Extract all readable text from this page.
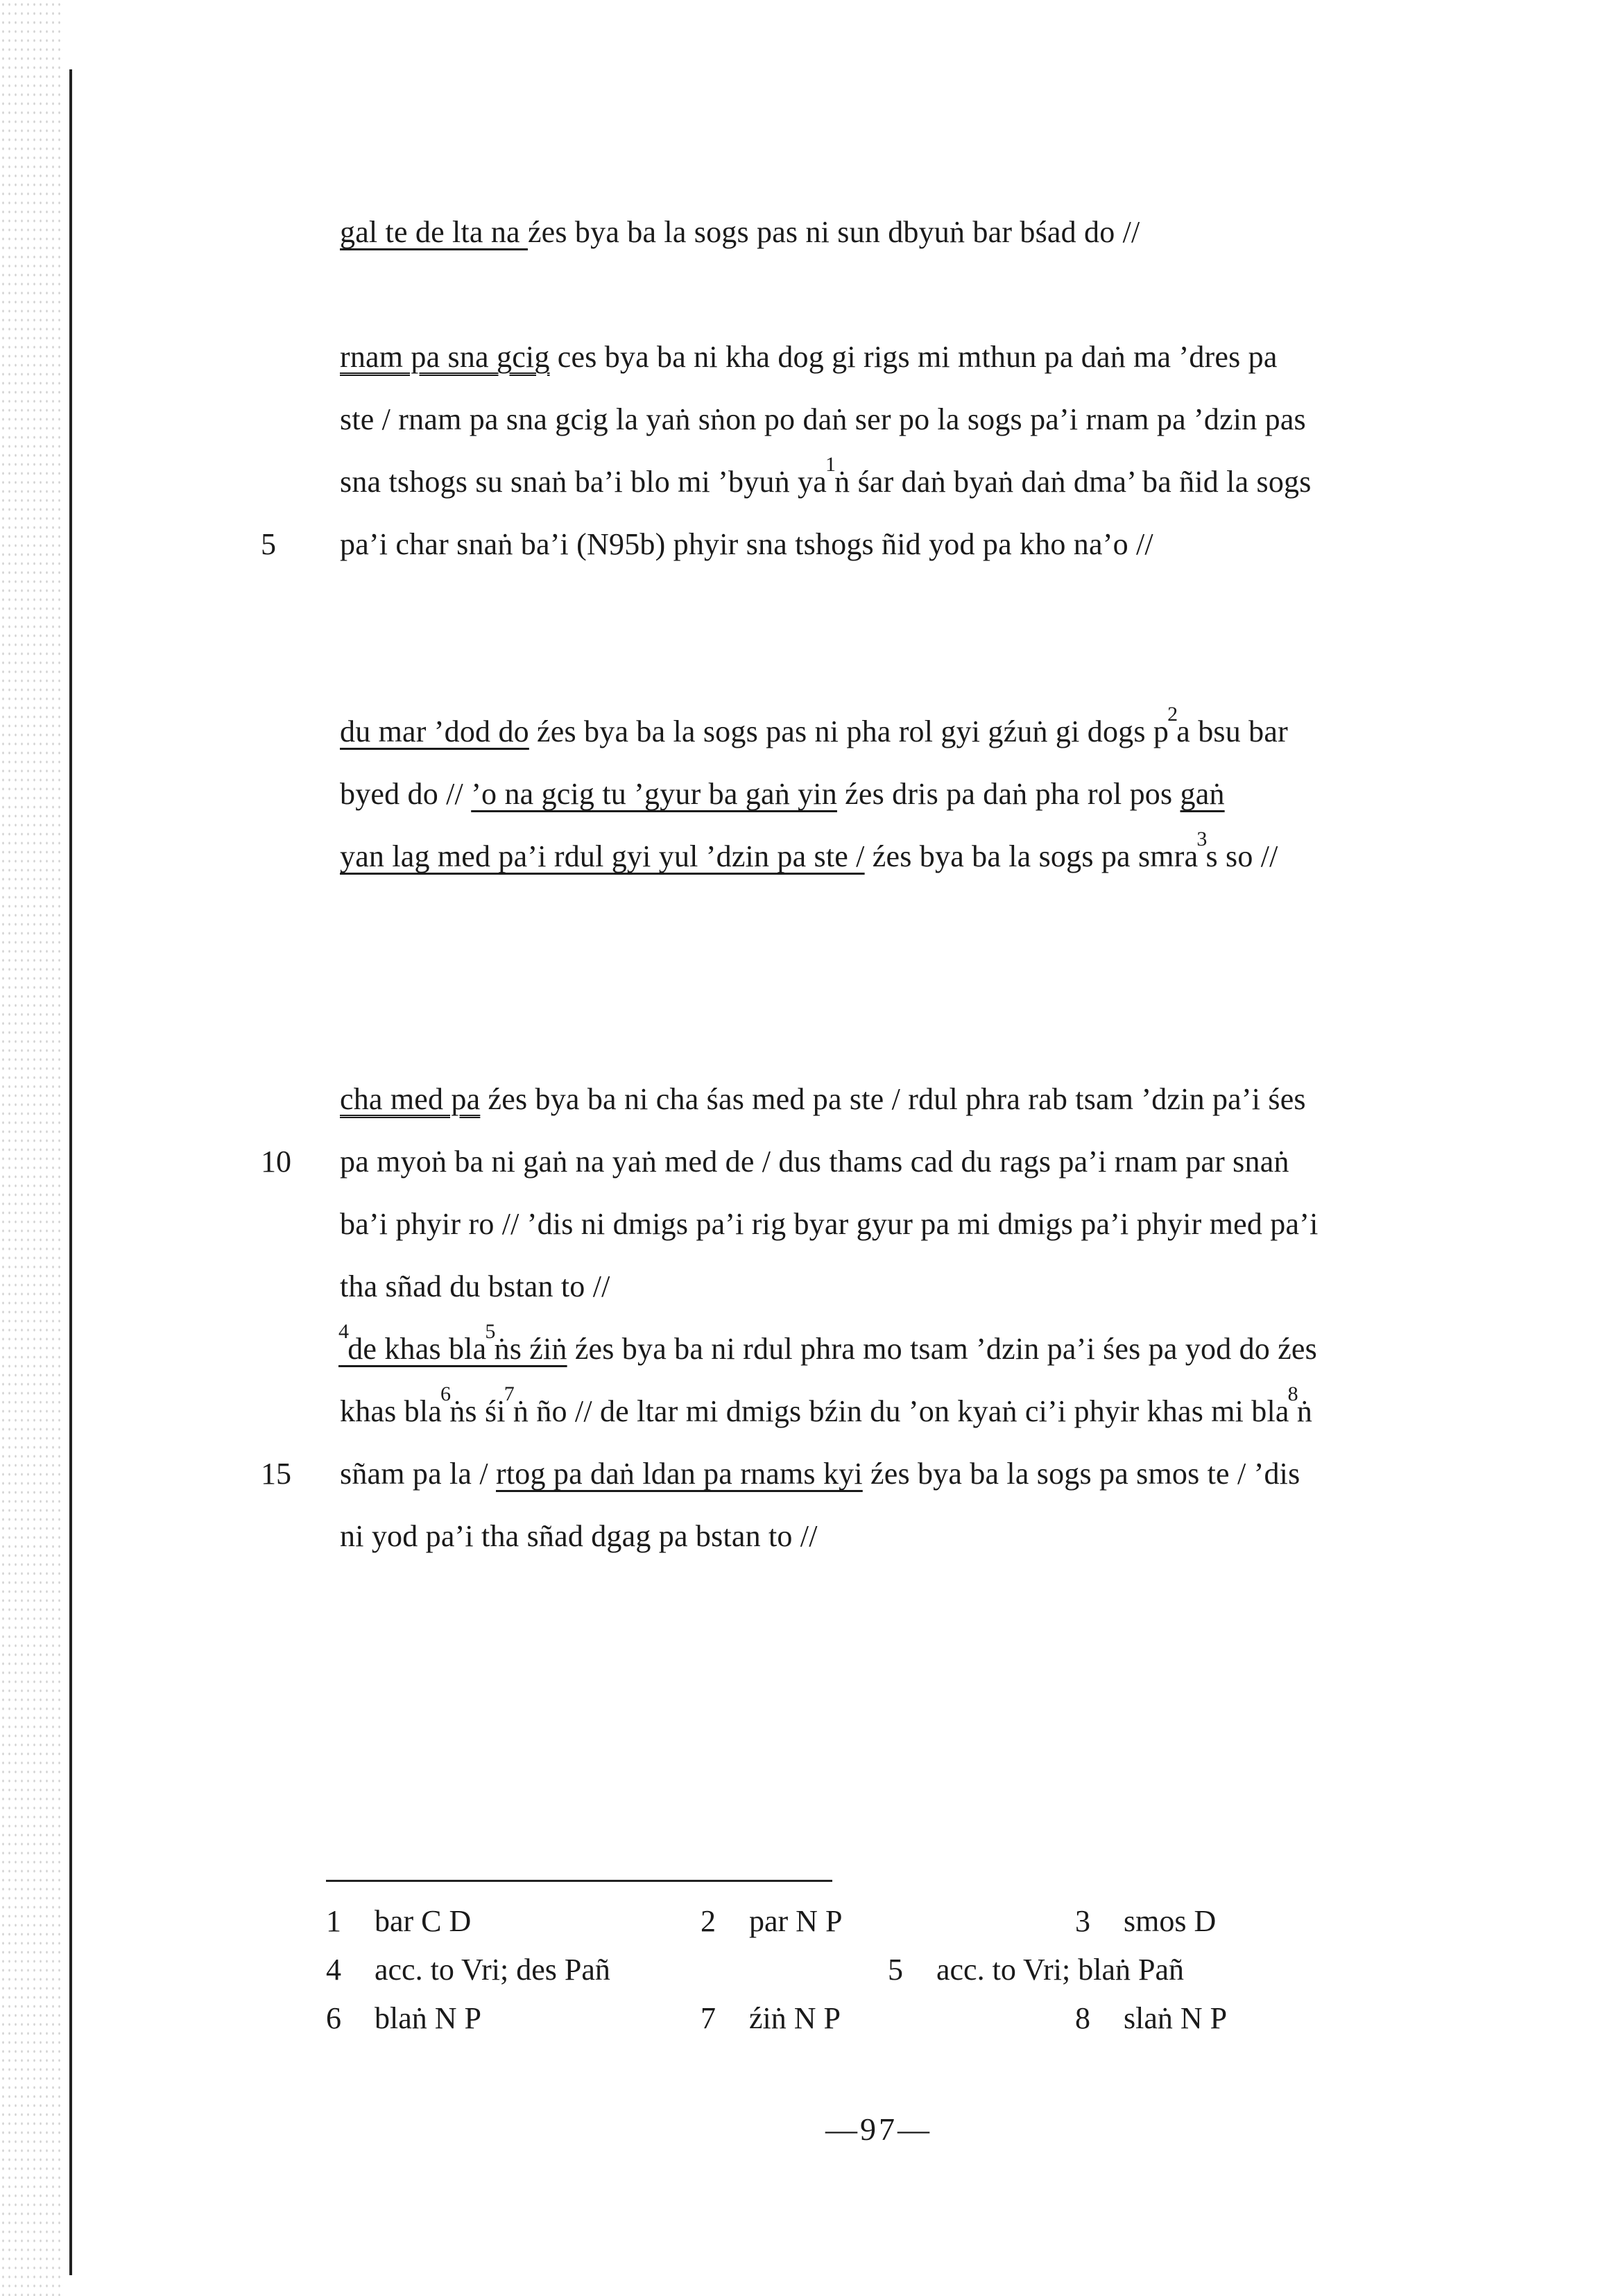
gal te de lta na źes bya ba la sogs pas ni sun dbyuṅ bar bśad do //
rnam pa sna gcig ces bya ba ni kha dog gi rigs mi mthun pa daṅ ma ’dres pa
ste / rnam pa sna gcig la yaṅ sṅon po daṅ ser po la sogs pa’i rnam pa ’dzin pas
sna tshogs su snaṅ ba’i blo mi ’byuṅ $ya^1ṅ$ śar daṅ byaṅ daṅ dma’ ba ñid la sogs
5 pa’i char snaṅ ba’i (N95b) phyir sna tshogs ñid yod pa kho na’o //
du mar ’dod do źes bya ba la sogs pas ni pha rol gyi gźuṅ gi dogs $p^2a$ bsu bar
byed do // ’o na gcig tu ’gyur ba gaṅ yin źes dris pa daṅ pha rol pos gaṅ
yan lag med pa’i rdul gyi yul ’dzin pa ste / źes bya ba la sogs pa smra$^3$s so //
cha med pa źes bya ba ni cha śas med pa ste / rdul phra rab tsam ’dzin pa’i śes
10 pa myoṅ ba ni gaṅ na yaṅ med de / dus thams cad du rags pa’i rnam par snaṅ
ba’i phyir ro // ’dis ni dmigs pa’i rig byar gyur pa mi dmigs pa’i phyir med pa’i
tha sñad du bstan to //
$^4$de khas bla$^5$ṅs źiṅ źes bya ba ni rdul phra mo tsam ’dzin pa’i śes pa yod do źes
khas bla$^6$ṅs $śi^7ṅ$ ño // de ltar mi dmigs bźin du ’on kyaṅ ci’i phyir khas mi bla$^8$ṅ
15 sñam pa la / rtog pa daṅ ldan pa rnams kyi źes bya ba la sogs pa smos te / ’dis
ni yod pa’i tha sñad dgag pa bstan to //
1 bar C D	2 par N P	3 smos D
4 acc. to Vri; des Pañ	5 acc. to Vri; blaṅ Pañ
6 blaṅ N P	7 źiṅ N P	8 slaṅ N P
—97—
